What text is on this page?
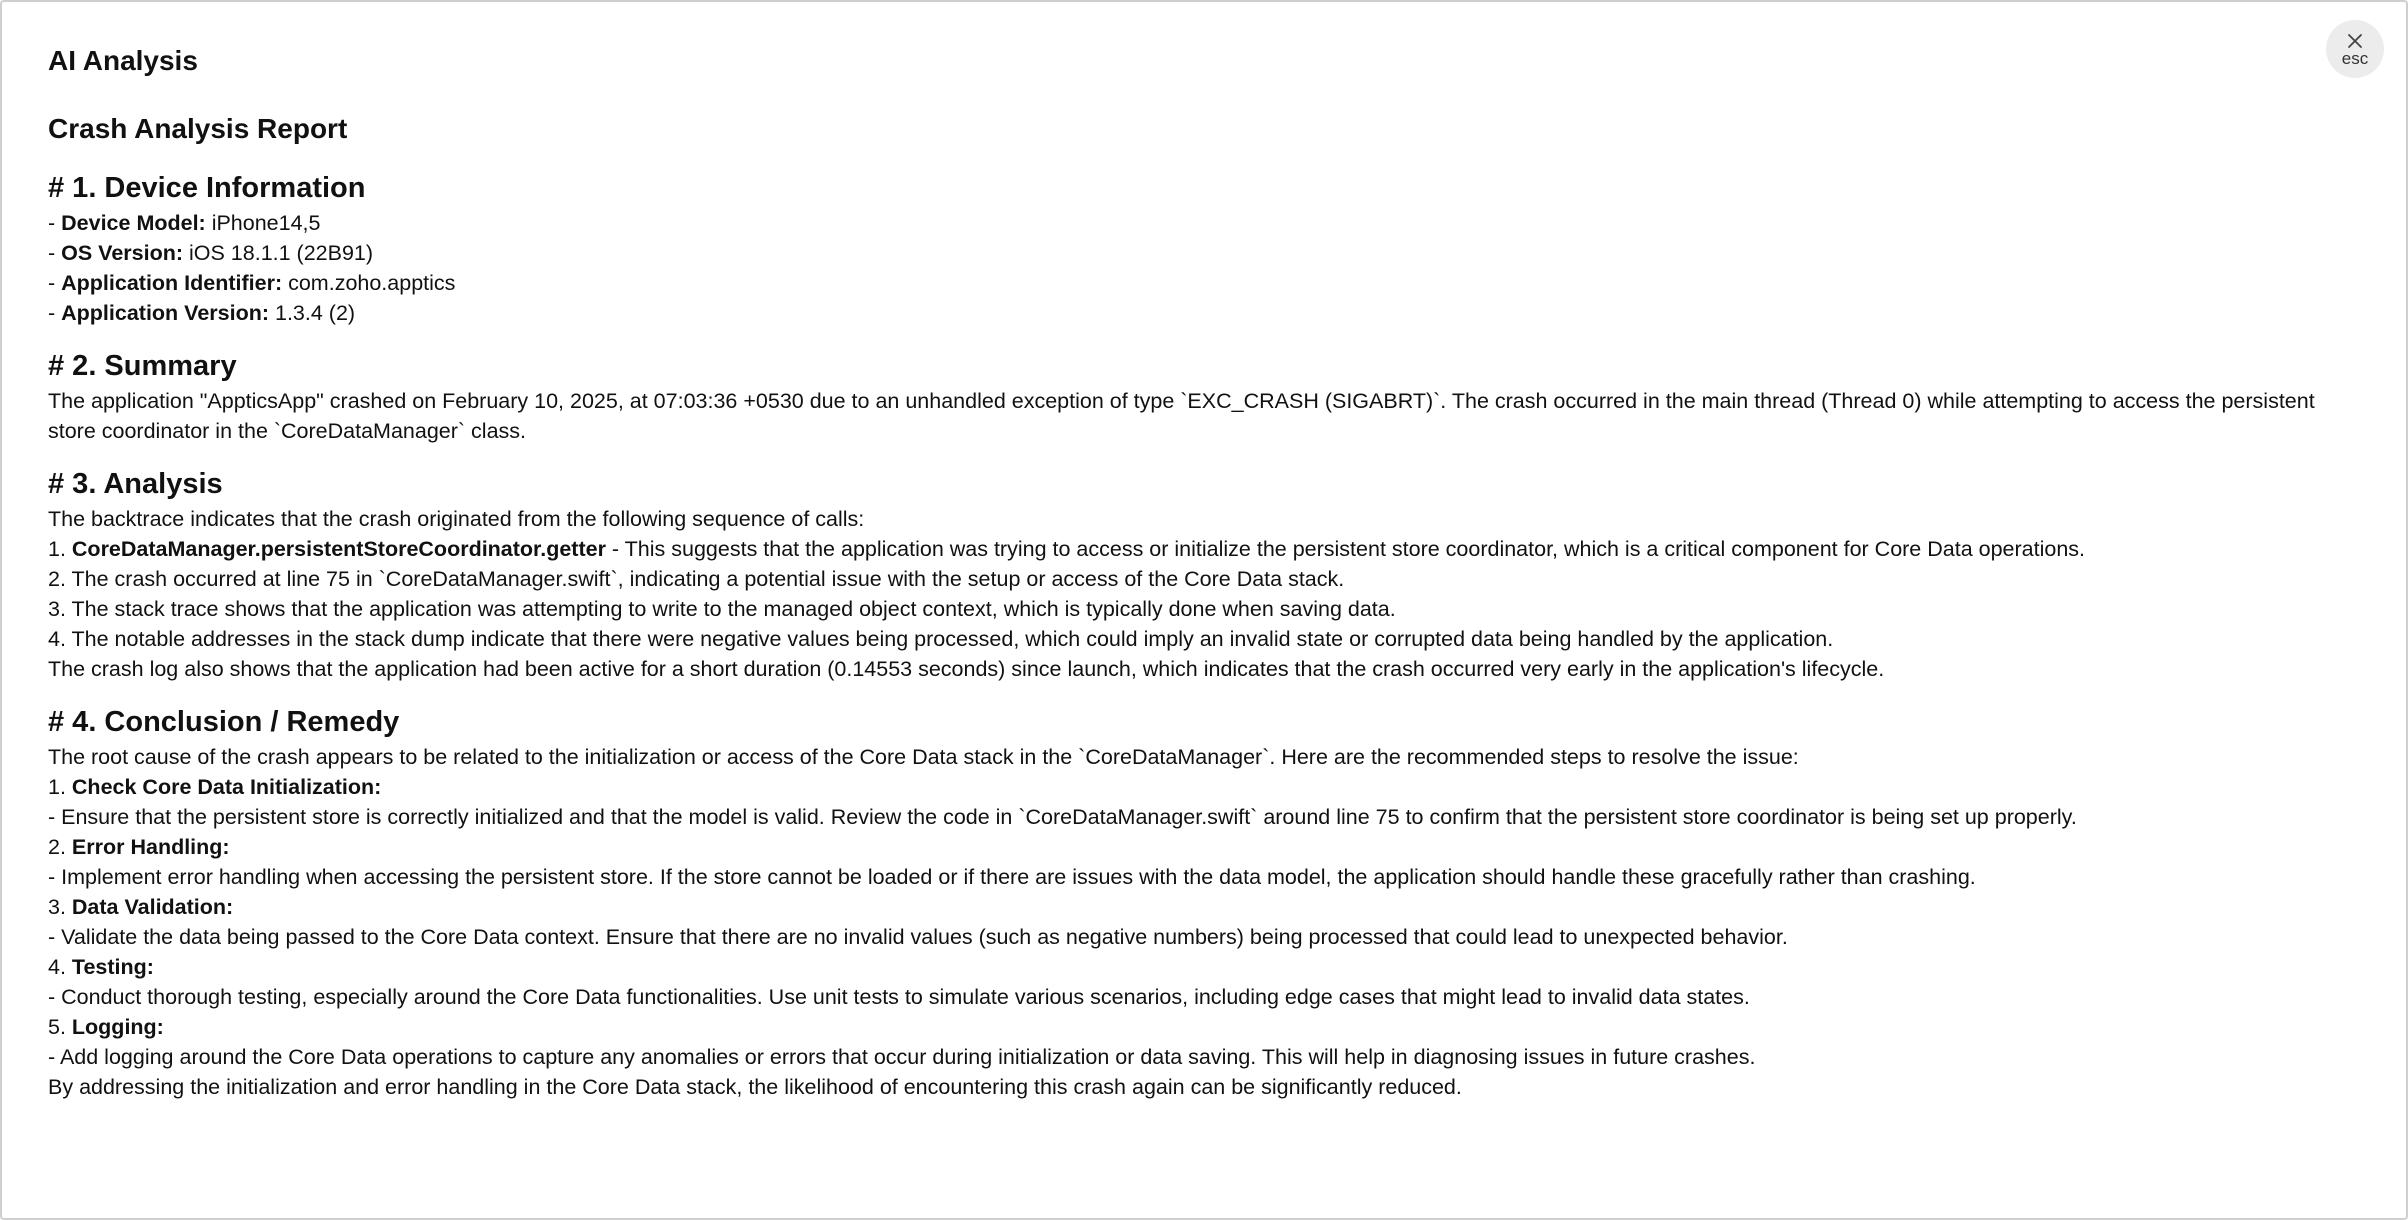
esc
AI Analysis
Crash Analysis Report
# 1. Device Information

- Device Model: iPhone14,5

- OS Version: iOS 18.1.1 (22B91)

- Application Identifier: com.zoho.apptics

- Application Version: 1.3.4 (2)

# 2. Summary

The application "AppticsApp" crashed on February 10, 2025, at 07:03:36 +0530 due to an unhandled exception of type `EXC_CRASH (SIGABRT)`. The crash occurred in the main thread (Thread 0) while attempting to access the persistent store coordinator in the `CoreDataManager` class.

# 3. Analysis

The backtrace indicates that the crash originated from the following sequence of calls:

1. CoreDataManager.persistentStoreCoordinator.getter - This suggests that the application was trying to access or initialize the persistent store coordinator, which is a critical component for Core Data operations.

2. The crash occurred at line 75 in `CoreDataManager.swift`, indicating a potential issue with the setup or access of the Core Data stack.

3. The stack trace shows that the application was attempting to write to the managed object context, which is typically done when saving data.

4. The notable addresses in the stack dump indicate that there were negative values being processed, which could imply an invalid state or corrupted data being handled by the application.

The crash log also shows that the application had been active for a short duration (0.14553 seconds) since launch, which indicates that the crash occurred very early in the application's lifecycle.

# 4. Conclusion / Remedy

The root cause of the crash appears to be related to the initialization or access of the Core Data stack in the `CoreDataManager`. Here are the recommended steps to resolve the issue:

1. Check Core Data Initialization:

- Ensure that the persistent store is correctly initialized and that the model is valid. Review the code in `CoreDataManager.swift` around line 75 to confirm that the persistent store coordinator is being set up properly.

2. Error Handling:

- Implement error handling when accessing the persistent store. If the store cannot be loaded or if there are issues with the data model, the application should handle these gracefully rather than crashing.

3. Data Validation:

- Validate the data being passed to the Core Data context. Ensure that there are no invalid values (such as negative numbers) being processed that could lead to unexpected behavior.

4. Testing:

- Conduct thorough testing, especially around the Core Data functionalities. Use unit tests to simulate various scenarios, including edge cases that might lead to invalid data states.

5. Logging:

- Add logging around the Core Data operations to capture any anomalies or errors that occur during initialization or data saving. This will help in diagnosing issues in future crashes.

By addressing the initialization and error handling in the Core Data stack, the likelihood of encountering this crash again can be significantly reduced.
